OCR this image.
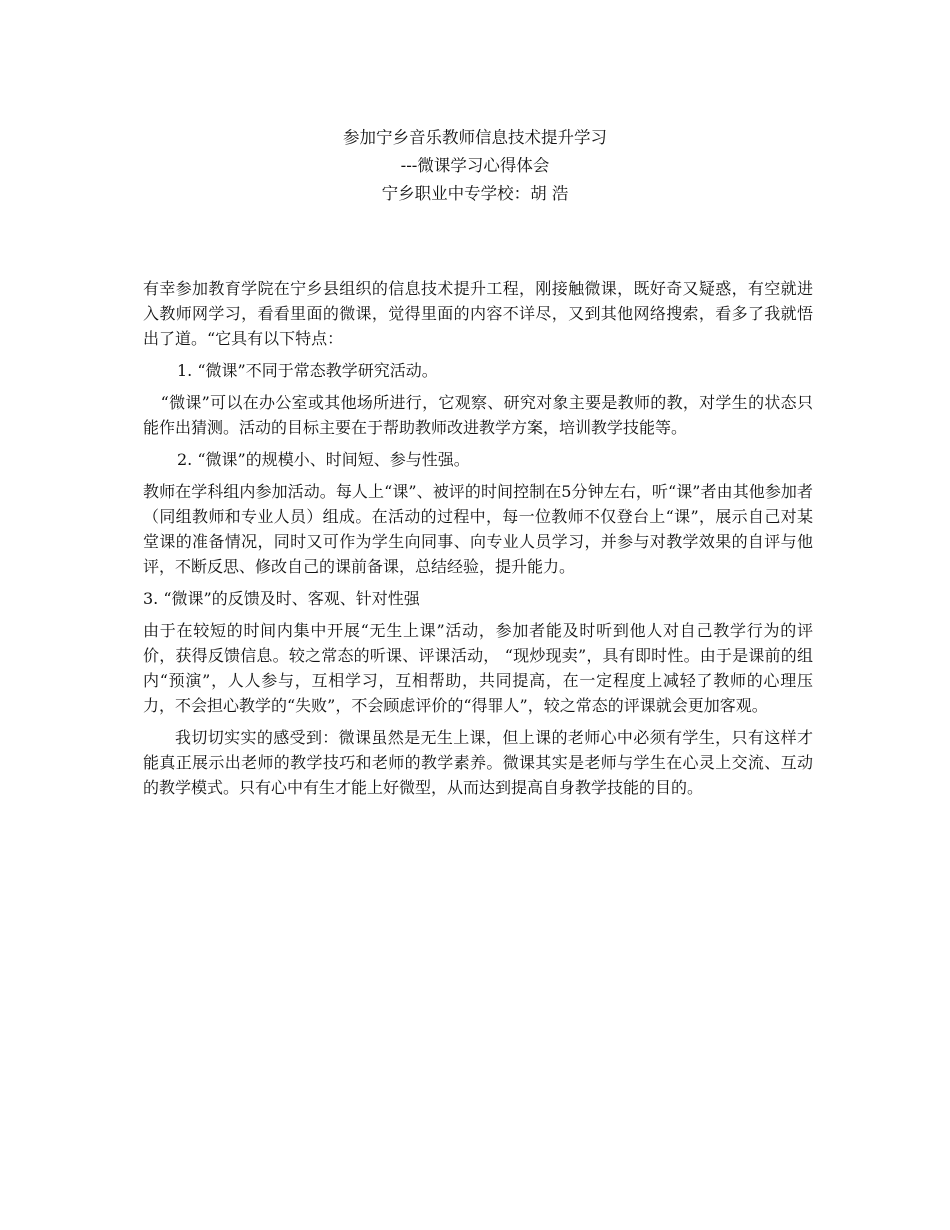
参加宁乡音乐教师信息技术提升学习
---微课学习心得体会
宁乡职业中专学校：胡 浩

有幸参加教育学院在宁乡县组织的信息技术提升工程，刚接触微课，既好奇又疑惑，有空就进入教师网学习，看看里面的微课，觉得里面的内容不详尽，又到其他网络搜索，看多了我就悟出了道。“它具有以下特点：

1. “微课”不同于常态教学研究活动。

“微课”可以在办公室或其他场所进行，它观察、研究对象主要是教师的教，对学生的状态只能作出猜测。活动的目标主要在于帮助教师改进教学方案，培训教学技能等。

2. “微课”的规模小、时间短、参与性强。

教师在学科组内参加活动。每人上“课”、被评的时间控制在5分钟左右，听“课”者由其他参加者（同组教师和专业人员）组成。在活动的过程中，每一位教师不仅登台上“课”，展示自己对某堂课的准备情况，同时又可作为学生向同事、向专业人员学习，并参与对教学效果的自评与他评，不断反思、修改自己的课前备课，总结经验，提升能力。

3. “微课”的反馈及时、客观、针对性强

由于在较短的时间内集中开展“无生上课”活动，参加者能及时听到他人对自己教学行为的评价，获得反馈信息。较之常态的听课、评课活动， “现炒现卖”，具有即时性。由于是课前的组内“预演”，人人参与，互相学习，互相帮助，共同提高，在一定程度上减轻了教师的心理压力，不会担心教学的“失败”，不会顾虑评价的“得罪人”，较之常态的评课就会更加客观。

我切切实实的感受到：微课虽然是无生上课，但上课的老师心中必须有学生，只有这样才能真正展示出老师的教学技巧和老师的教学素养。微课其实是老师与学生在心灵上交流、互动的教学模式。只有心中有生才能上好微型，从而达到提高自身教学技能的目的。
